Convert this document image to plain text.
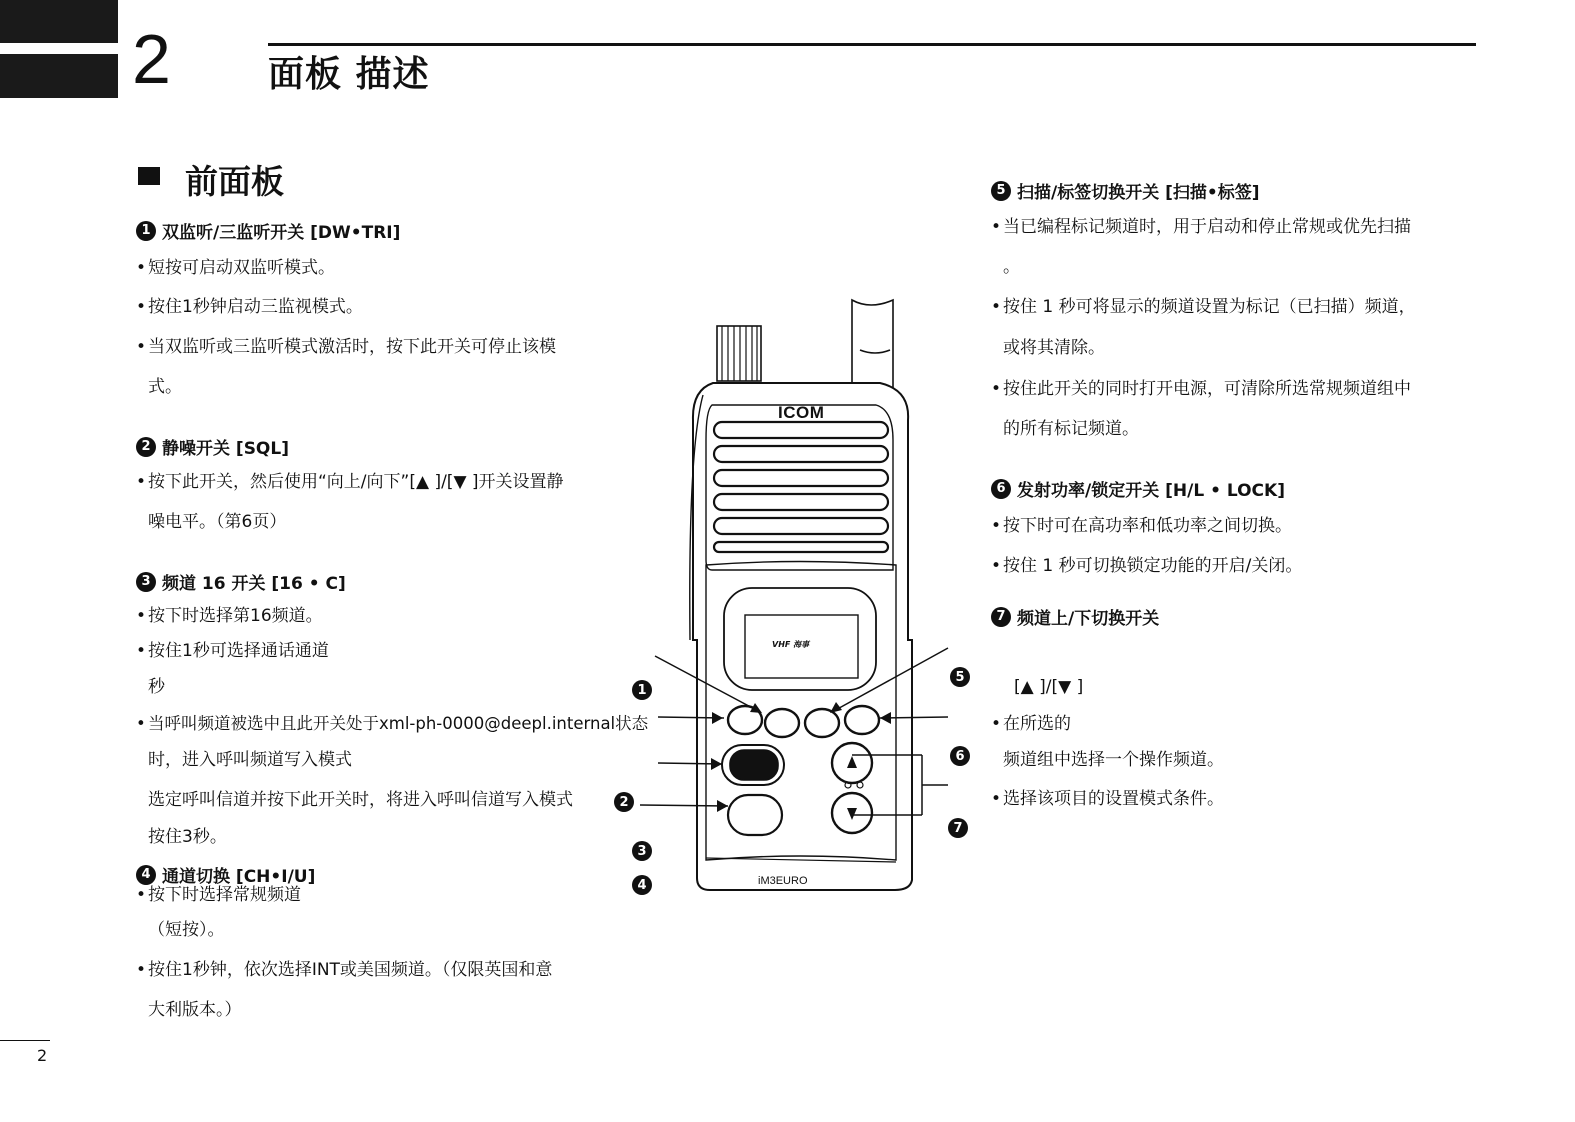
2	面板 描述
前面板
1 双监听/三监听开关 [DW•TRI]
• 短按可启动双监听模式。
• 按住1秒钟启动三监视模式。
• 当双监听或三监听模式激活时，按下此开关可停止该模
式。
2 静噪开关 [SQL]
• 按下此开关，然后使用“向上/向下”[▲ ]/[▼ ]开关设置静
噪电平。（第6页）
3 频道 16 开关 [16 • C]
• 按下时选择第16频道。
• 按住1秒可选择通话通道
秒
• 当呼叫频道被选中且此开关处于xml-ph-0000@deepl.internal状态
时，进入呼叫频道写入模式
选定呼叫信道并按下此开关时，将进入呼叫信道写入模式
按住3秒。
4 通道切换 [CH•I/U]
• 按下时选择常规频道
（短按）。
• 按住1秒钟，依次选择INT或美国频道。（仅限英国和意
大利版本。）
5 扫描/标签切换开关 [扫描•标签]
• 当已编程标记频道时，用于启动和停止常规或优先扫描
。
• 按住 1 秒可将显示的频道设置为标记（已扫描）频道，
或将其清除。
• 按住此开关的同时打开电源，可清除所选常规频道组中
的所有标记频道。
6 发射功率/锁定开关 [H/L • LOCK]
• 按下时可在高功率和低功率之间切换。
• 按住 1 秒可切换锁定功能的开启/关闭。
7 频道上/下切换开关
[▲ ]/[▼ ]
• 在所选的
频道组中选择一个操作频道。
• 选择该项目的设置模式条件。
ICOM
VHF 海事
iM3EURO
1
2
3
4
5
6
7
2
